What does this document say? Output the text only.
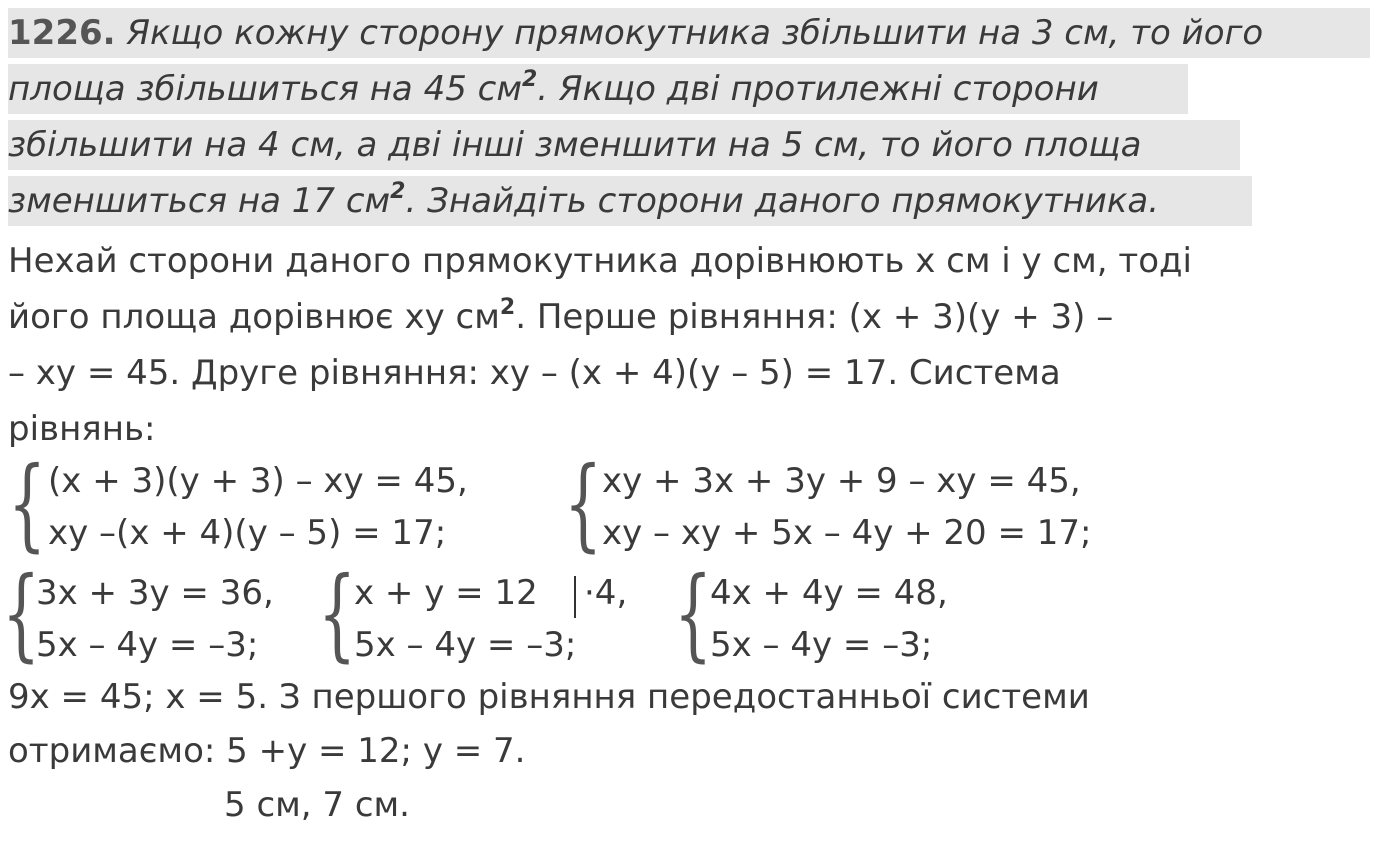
1226. Якщо кожну сторону прямокутника збільшити на 3 см, то його
площа збільшиться на 45 $см^2$. Якщо дві протилежні сторони
збільшити на 4 см, а дві інші зменшити на 5 см, то його площа
зменшиться на 17 $см^2$. Знайдіть сторони даного прямокутника.
Нехай сторони даного прямокутника дорівнюють x см і y см, тоді
його площа дорівнює xy $см^2$. Перше рівняння: (x + 3)(y + 3) –
– xy = 45. Друге рівняння: xy – (x + 4)(y – 5) = 17. Система
рівнянь:
{ (x + 3)(y + 3) – xy = 45,
xy –(x + 4)(y – 5) = 17; { xy + 3x + 3y + 9 – xy = 45,
xy – xy + 5x – 4y + 20 = 17;
{
3x + 3y = 36,
5x – 4y = –3; {
x + y = 12 ·4,
5x – 4y = –3; {
4x + 4y = 48,
5x – 4y = –3;
9x = 45; x = 5. З першого рівняння передостанньої системи
отримаємо: 5 +y = 12; y = 7.
5 см, 7 см.
